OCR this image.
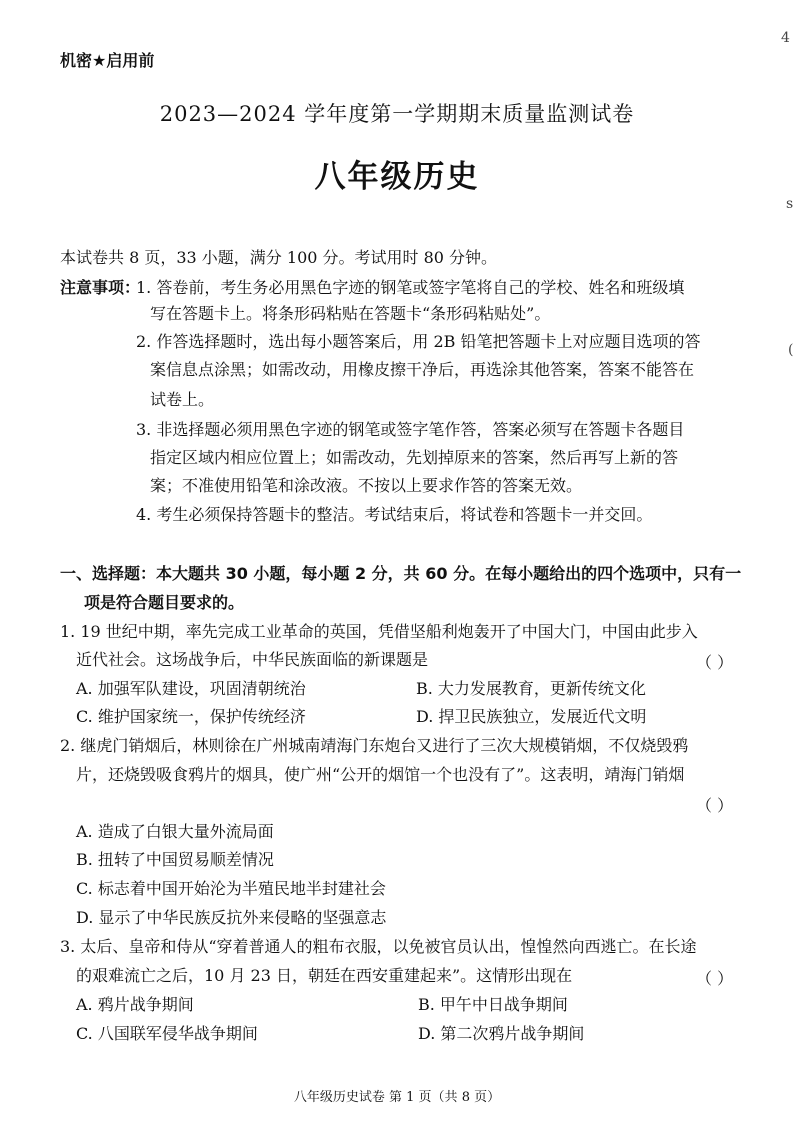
机密★启用前
4
s
(
2023—2024 学年度第一学期期末质量监测试卷
八年级历史
本试卷共 8 页，33 小题，满分 100 分。考试用时 80 分钟。
注意事项：
1. 答卷前，考生务必用黑色字迹的钢笔或签字笔将自己的学校、姓名和班级填
写在答题卡上。将条形码粘贴在答题卡“条形码粘贴处”。
2. 作答选择题时，选出每小题答案后，用 2B 铅笔把答题卡上对应题目选项的答
案信息点涂黑；如需改动，用橡皮擦干净后，再选涂其他答案，答案不能答在
试卷上。
3. 非选择题必须用黑色字迹的钢笔或签字笔作答，答案必须写在答题卡各题目
指定区域内相应位置上；如需改动，先划掉原来的答案，然后再写上新的答
案；不准使用铅笔和涂改液。不按以上要求作答的答案无效。
4. 考生必须保持答题卡的整洁。考试结束后，将试卷和答题卡一并交回。
一、选择题：本大题共 30 小题，每小题 2 分，共 60 分。在每小题给出的四个选项中，只有一
项是符合题目要求的。
1. 19 世纪中期，率先完成工业革命的英国，凭借坚船利炮轰开了中国大门，中国由此步入
近代社会。这场战争后，中华民族面临的新课题是	（ ）
A. 加强军队建设，巩固清朝统治	B. 大力发展教育，更新传统文化
C. 维护国家统一，保护传统经济	D. 捍卫民族独立，发展近代文明
2. 继虎门销烟后，林则徐在广州城南靖海门东炮台又进行了三次大规模销烟，不仅烧毁鸦
片，还烧毁吸食鸦片的烟具，使广州“公开的烟馆一个也没有了”。这表明，靖海门销烟
（ ）
A. 造成了白银大量外流局面
B. 扭转了中国贸易顺差情况
C. 标志着中国开始沦为半殖民地半封建社会
D. 显示了中华民族反抗外来侵略的坚强意志
3. 太后、皇帝和侍从“穿着普通人的粗布衣服，以免被官员认出，惶惶然向西逃亡。在长途
的艰难流亡之后，10 月 23 日，朝廷在西安重建起来”。这情形出现在	（ ）
A. 鸦片战争期间	B. 甲午中日战争期间
C. 八国联军侵华战争期间	D. 第二次鸦片战争期间
八年级历史试卷 第 1 页（共 8 页）
